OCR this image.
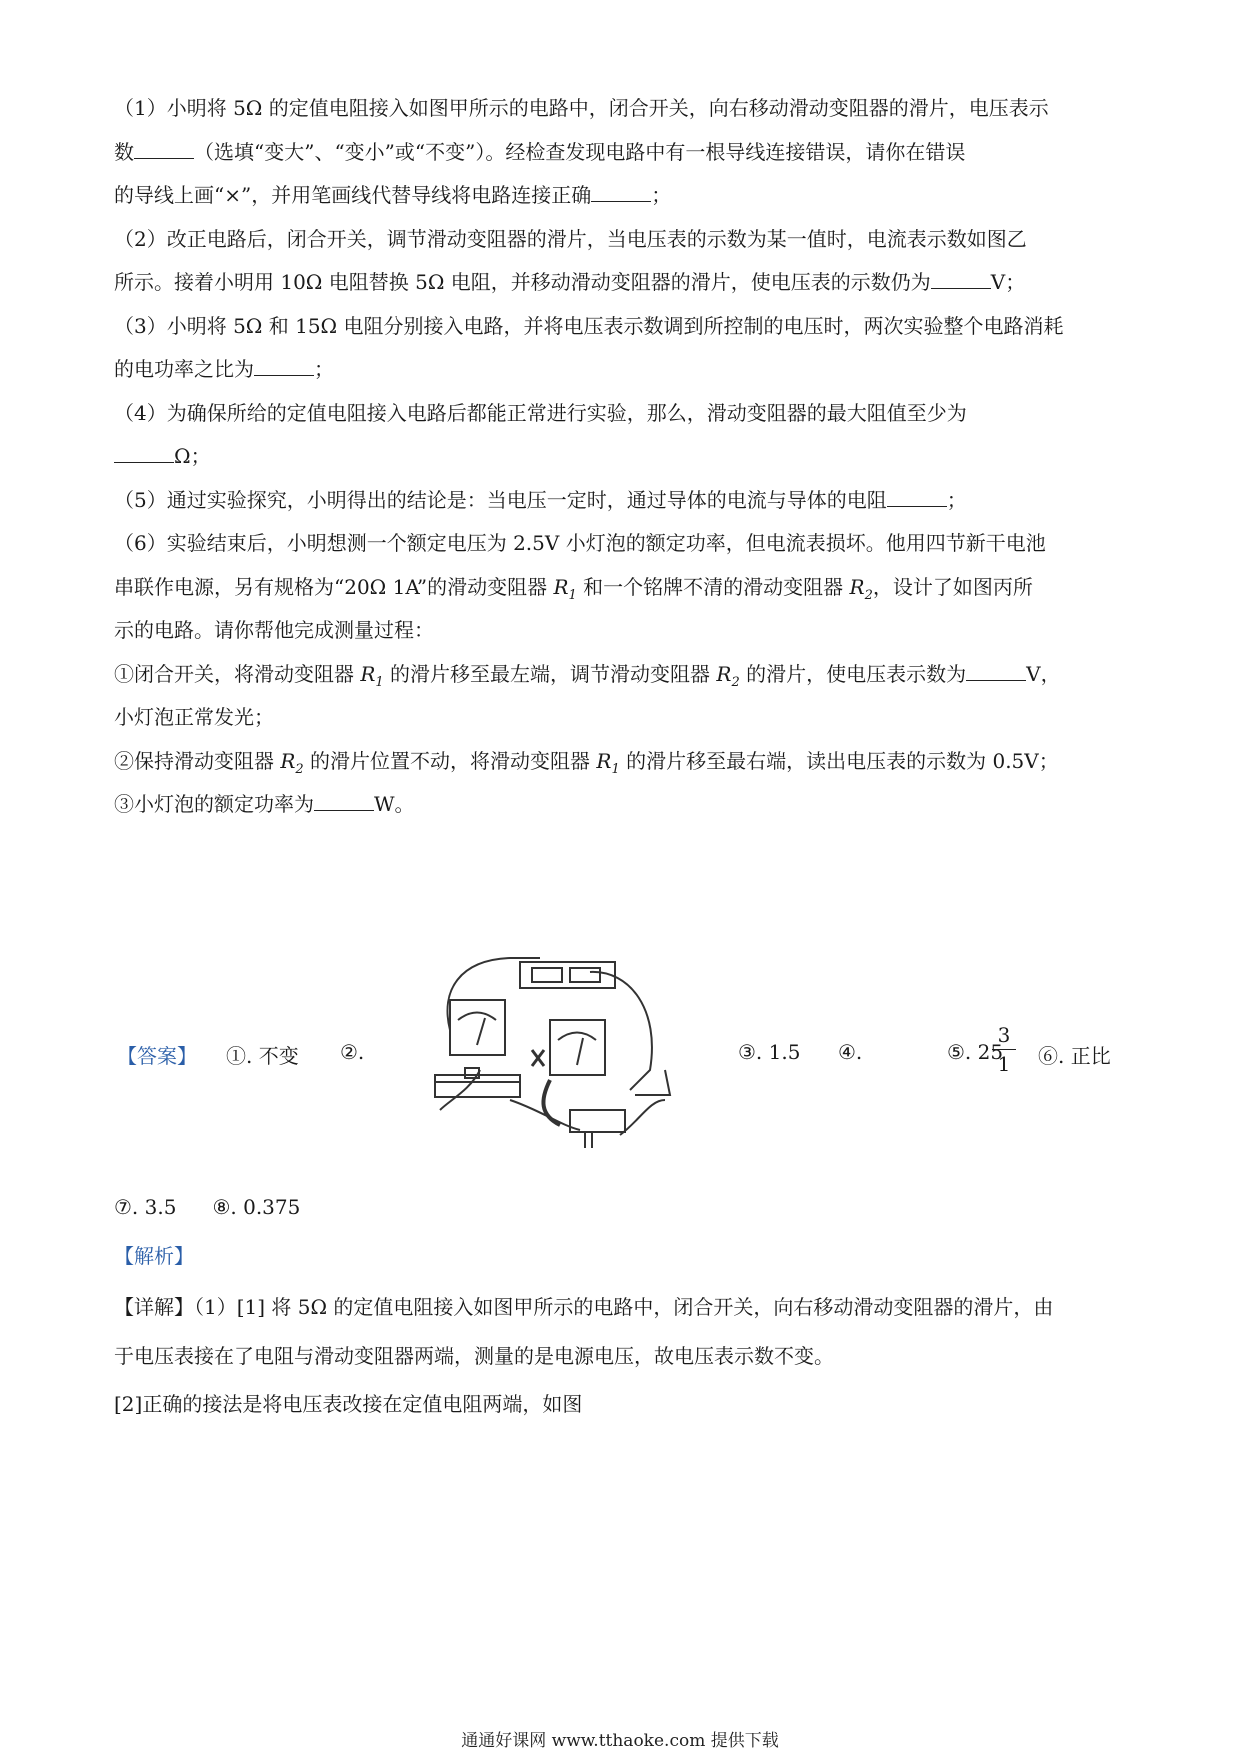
（1）小明将 5Ω 的定值电阻接入如图甲所示的电路中，闭合开关，向右移动滑动变阻器的滑片，电压表示
数	（选填“变大”、“变小”或“不变”）。经检查发现电路中有一根导线连接错误，请你在错误
的导线上画“×”，并用笔画线代替导线将电路连接正确	；
（2）改正电路后，闭合开关，调节滑动变阻器的滑片，当电压表的示数为某一值时，电流表示数如图乙
所示。接着小明用 10Ω 电阻替换 5Ω 电阻，并移动滑动变阻器的滑片，使电压表的示数仍为	V；
（3）小明将 5Ω 和 15Ω 电阻分别接入电路，并将电压表示数调到所控制的电压时，两次实验整个电路消耗
的电功率之比为	；
（4）为确保所给的定值电阻接入电路后都能正常进行实验，那么，滑动变阻器的最大阻值至少为
Ω；
（5）通过实验探究，小明得出的结论是：当电压一定时，通过导体的电流与导体的电阻	；
（6）实验结束后，小明想测一个额定电压为 2.5V 小灯泡的额定功率，但电流表损坏。他用四节新干电池
串联作电源，另有规格为“20Ω 1A”的滑动变阻器 $R_1$ 和一个铭牌不清的滑动变阻器 $R_2$，设计了如图丙所
示的电路。请你帮他完成测量过程：
①闭合开关，将滑动变阻器 $R_1$ 的滑片移至最左端，调节滑动变阻器 $R_2$ 的滑片，使电压表示数为	V，
小灯泡正常发光；
②保持滑动变阻器 $R_2$ 的滑片位置不动，将滑动变阻器 $R_1$ 的滑片移至最右端，读出电压表的示数为 0.5V；
③小灯泡的额定功率为	W。
【答案】 ①. 不变 ②.	③. 1.5 ④.
3
1
⑤. 25 ⑥. 正比
⑦. 3.5 ⑧. 0.375
【解析】
【详解】（1）[1] 将 5Ω 的定值电阻接入如图甲所示的电路中，闭合开关，向右移动滑动变阻器的滑片，由
于电压表接在了电阻与滑动变阻器两端，测量的是电源电压，故电压表示数不变。
[2]正确的接法是将电压表改接在定值电阻两端，如图
通通好课网 www.tthaoke.com 提供下载
